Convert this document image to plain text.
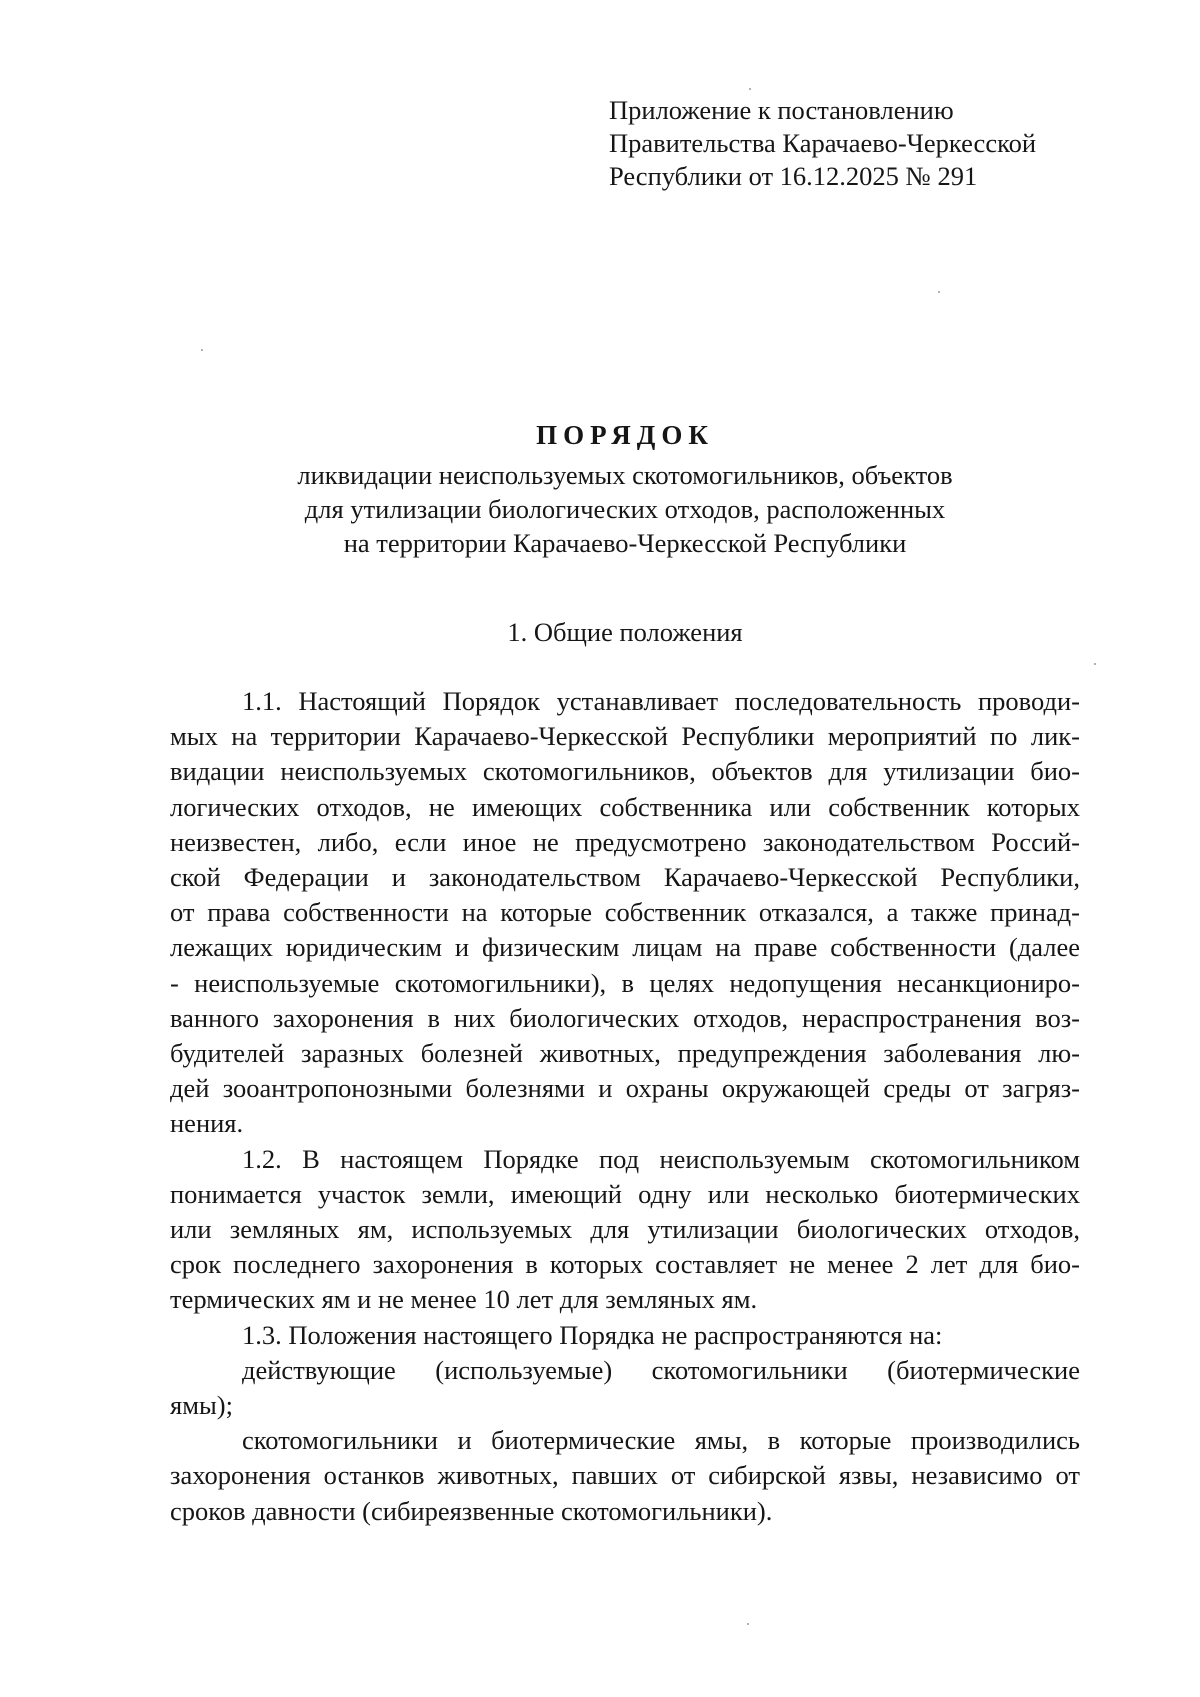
Приложение к постановлению
Правительства Карачаево-Черкесской
Республики от 16.12.2025 № 291
ПОРЯДОК
ликвидации неиспользуемых скотомогильников, объектов
для утилизации биологических отходов, расположенных
на территории Карачаево-Черкесской Республики
1. Общие положения
1.1. Настоящий Порядок устанавливает последовательность проводи-
мых на территории Карачаево-Черкесской Республики мероприятий по лик-
видации неиспользуемых скотомогильников, объектов для утилизации био-
логических отходов, не имеющих собственника или собственник которых
неизвестен, либо, если иное не предусмотрено законодательством Россий-
ской Федерации и законодательством Карачаево-Черкесской Республики,
от права собственности на которые собственник отказался, а также принад-
лежащих юридическим и физическим лицам на праве собственности (далее
- неиспользуемые скотомогильники), в целях недопущения несанкциониро-
ванного захоронения в них биологических отходов, нераспространения воз-
будителей заразных болезней животных, предупреждения заболевания лю-
дей зооантропонозными болезнями и охраны окружающей среды от загряз-
нения.
1.2. В настоящем Порядке под неиспользуемым скотомогильником
понимается участок земли, имеющий одну или несколько биотермических
или земляных ям, используемых для утилизации биологических отходов,
срок последнего захоронения в которых составляет не менее 2 лет для био-
термических ям и не менее 10 лет для земляных ям.
1.3. Положения настоящего Порядка не распространяются на:
действующие (используемые) скотомогильники (биотермические
ямы);
скотомогильники и биотермические ямы, в которые производились
захоронения останков животных, павших от сибирской язвы, независимо от
сроков давности (сибиреязвенные скотомогильники).
